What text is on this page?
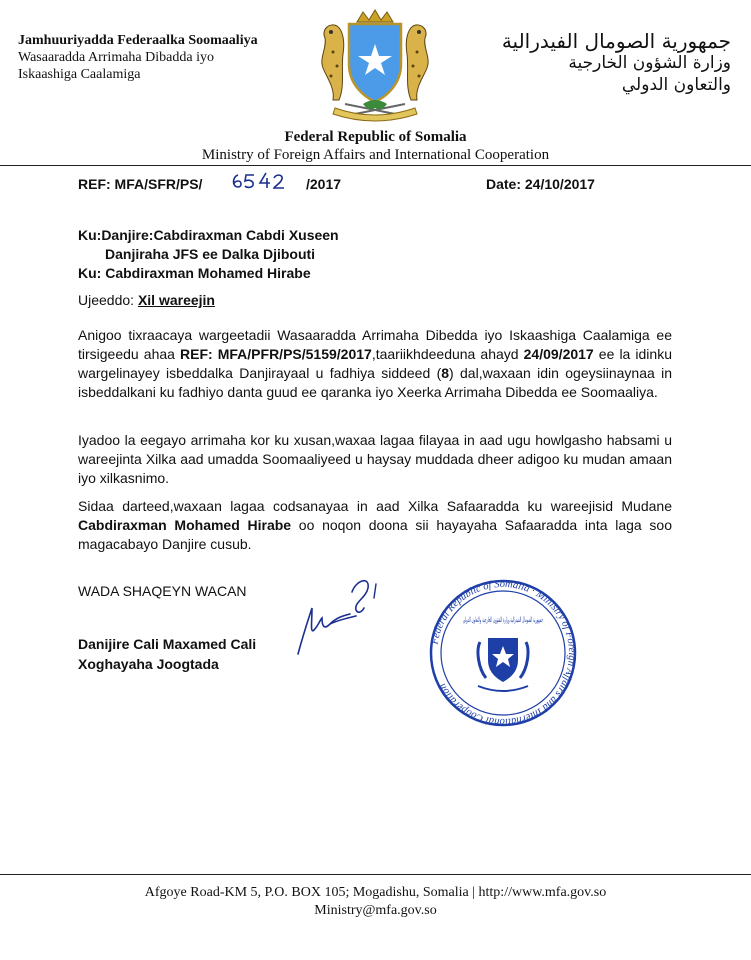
Jamhuuriyadda Federaalka Soomaaliya
Wasaaradda Arrimaha Dibadda iyo
Iskaashiga Caalamiga
جمهورية الصومال الفيدرالية
وزارة الشؤون الخارجية
والتعاون الدولي
Federal Republic of Somalia
Ministry of Foreign Affairs and International Cooperation
REF: MFA/SFR/PS/	/2017	Date: 24/10/2017
Ku:Danjire:Cabdiraxman Cabdi Xuseen
Danjiraha JFS ee Dalka Djibouti
Ku: Cabdiraxman Mohamed Hirabe
Ujeeddo: Xil wareejin
Anigoo tixraacaya wargeetadii Wasaaradda Arrimaha Dibedda iyo Iskaashiga Caalamiga ee tirsigeedu ahaa REF: MFA/PFR/PS/5159/2017,taariikhdeeduna ahayd 24/09/2017 ee la idinku wargelinayey isbeddalka Danjirayaal u fadhiya siddeed (8) dal,waxaan idin ogeysiinaynaa in isbeddalkani ku fadhiyo danta guud ee qaranka iyo Xeerka Arrimaha Dibedda ee Soomaaliya.
Iyadoo la eegayo arrimaha kor ku xusan,waxaa lagaa filayaa in aad ugu howlgasho habsami u wareejinta Xilka aad umadda Soomaaliyeed u haysay muddada dheer adigoo ku mudan amaan iyo xilkasnimo.
Sidaa darteed,waxaan lagaa codsanayaa in aad Xilka Safaaradda ku wareejisid Mudane Cabdiraxman Mohamed Hirabe oo noqon doona sii hayayaha Safaaradda inta laga soo magacabayo Danjire cusub.
WADA SHAQEYN WACAN
Danijire Cali Maxamed Cali
Xoghayaha Joogtada
Federal Republic of Somalia · Ministry of Foreign Affairs and International Cooperation
جمهورية الصومال الفيدرالية وزارة الشؤون الخارجية والتعاون الدولي
Afgoye Road-KM 5, P.O. BOX 105; Mogadishu, Somalia | http://www.mfa.gov.so
Ministry@mfa.gov.so
